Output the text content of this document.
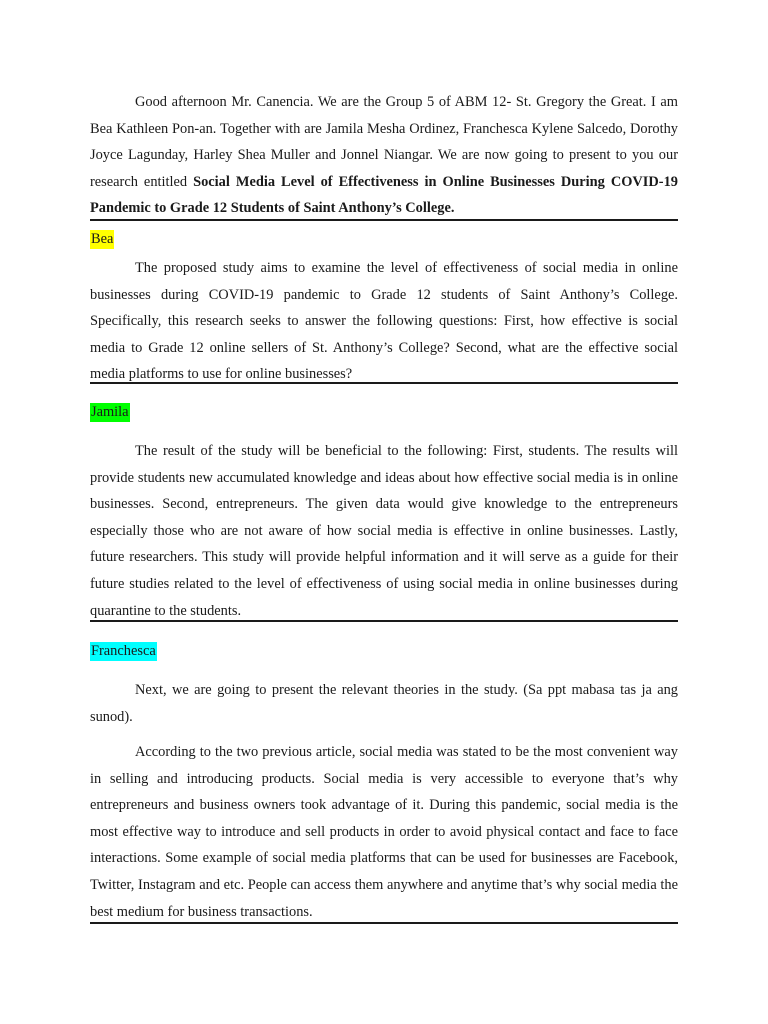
Good afternoon Mr. Canencia. We are the Group 5 of ABM 12- St. Gregory the Great. I am Bea Kathleen Pon-an. Together with are Jamila Mesha Ordinez, Franchesca Kylene Salcedo, Dorothy Joyce Lagunday, Harley Shea Muller and Jonnel Niangar. We are now going to present to you our research entitled Social Media Level of Effectiveness in Online Businesses During COVID-19 Pandemic to Grade 12 Students of Saint Anthony’s College.

Bea

The proposed study aims to examine the level of effectiveness of social media in online businesses during COVID-19 pandemic to Grade 12 students of Saint Anthony’s College. Specifically, this research seeks to answer the following questions: First, how effective is social media to Grade 12 online sellers of St. Anthony’s College? Second, what are the effective social media platforms to use for online businesses?

Jamila

The result of the study will be beneficial to the following: First, students. The results will provide students new accumulated knowledge and ideas about how effective social media is in online businesses. Second, entrepreneurs. The given data would give knowledge to the entrepreneurs especially those who are not aware of how social media is effective in online businesses. Lastly, future researchers. This study will provide helpful information and it will serve as a guide for their future studies related to the level of effectiveness of using social media in online businesses during quarantine to the students.

Franchesca

Next, we are going to present the relevant theories in the study. (Sa ppt mabasa tas ja ang sunod).

According to the two previous article, social media was stated to be the most convenient way in selling and introducing products. Social media is very accessible to everyone that’s why entrepreneurs and business owners took advantage of it. During this pandemic, social media is the most effective way to introduce and sell products in order to avoid physical contact and face to face interactions. Some example of social media platforms that can be used for businesses are Facebook, Twitter, Instagram and etc. People can access them anywhere and anytime that’s why social media the best medium for business transactions.
